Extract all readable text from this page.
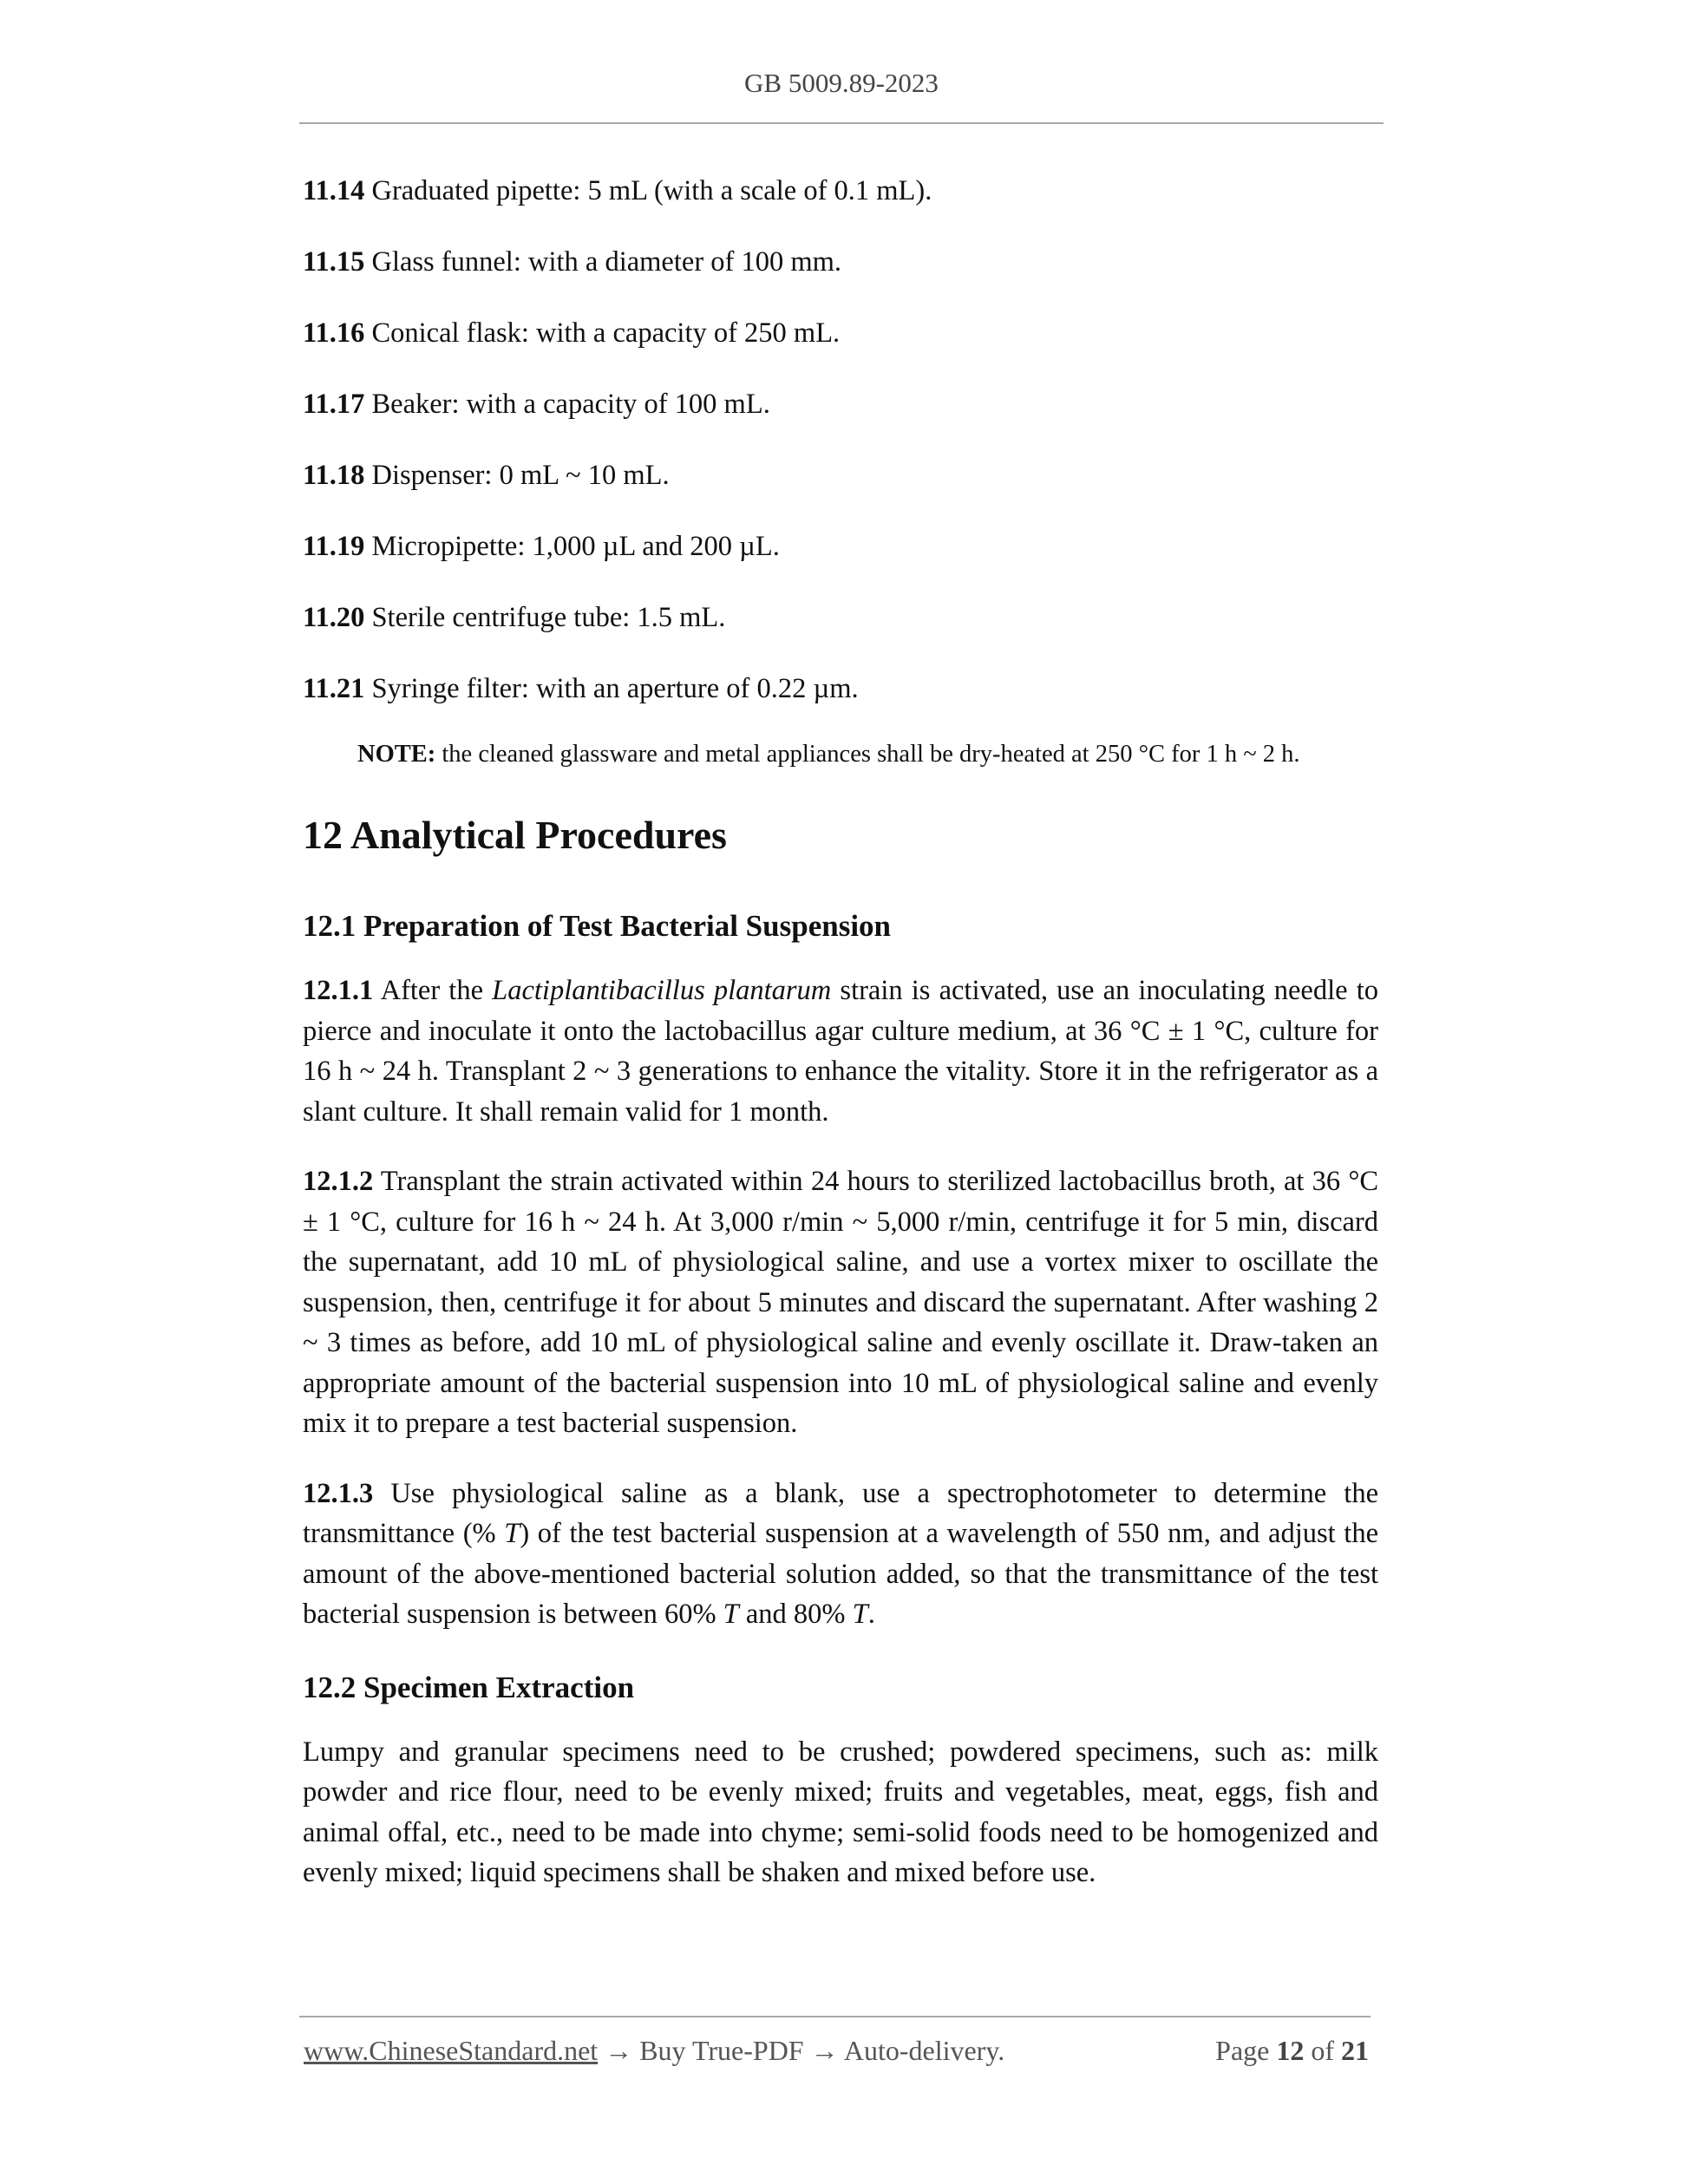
GB 5009.89-2023
11.14 Graduated pipette: 5 mL (with a scale of 0.1 mL).
11.15 Glass funnel: with a diameter of 100 mm.
11.16 Conical flask: with a capacity of 250 mL.
11.17 Beaker: with a capacity of 100 mL.
11.18 Dispenser: 0 mL ~ 10 mL.
11.19 Micropipette: 1,000 µL and 200 µL.
11.20 Sterile centrifuge tube: 1.5 mL.
11.21 Syringe filter: with an aperture of 0.22 µm.
NOTE: the cleaned glassware and metal appliances shall be dry-heated at 250 °C for 1 h ~ 2 h.
12 Analytical Procedures
12.1 Preparation of Test Bacterial Suspension

12.1.1 After the Lactiplantibacillus plantarum strain is activated, use an inoculating needle to pierce and inoculate it onto the lactobacillus agar culture medium, at 36 °C ± 1 °C, culture for 16 h ~ 24 h. Transplant 2 ~ 3 generations to enhance the vitality. Store it in the refrigerator as a slant culture. It shall remain valid for 1 month.

12.1.2 Transplant the strain activated within 24 hours to sterilized lactobacillus broth, at 36 °C ± 1 °C, culture for 16 h ~ 24 h. At 3,000 r/min ~ 5,000 r/min, centrifuge it for 5 min, discard the supernatant, add 10 mL of physiological saline, and use a vortex mixer to oscillate the suspension, then, centrifuge it for about 5 minutes and discard the supernatant. After washing 2 ~ 3 times as before, add 10 mL of physiological saline and evenly oscillate it. Draw-taken an appropriate amount of the bacterial suspension into 10 mL of physiological saline and evenly mix it to prepare a test bacterial suspension.

12.1.3 Use physiological saline as a blank, use a spectrophotometer to determine the transmittance (% T) of the test bacterial suspension at a wavelength of 550 nm, and adjust the amount of the above-mentioned bacterial solution added, so that the transmittance of the test bacterial suspension is between 60% T and 80% T.

12.2 Specimen Extraction

Lumpy and granular specimens need to be crushed; powdered specimens, such as: milk powder and rice flour, need to be evenly mixed; fruits and vegetables, meat, eggs, fish and animal offal, etc., need to be made into chyme; semi-solid foods need to be homogenized and evenly mixed; liquid specimens shall be shaken and mixed before use.

www.ChineseStandard.net → Buy True-PDF → Auto-delivery.	Page 12 of 21
